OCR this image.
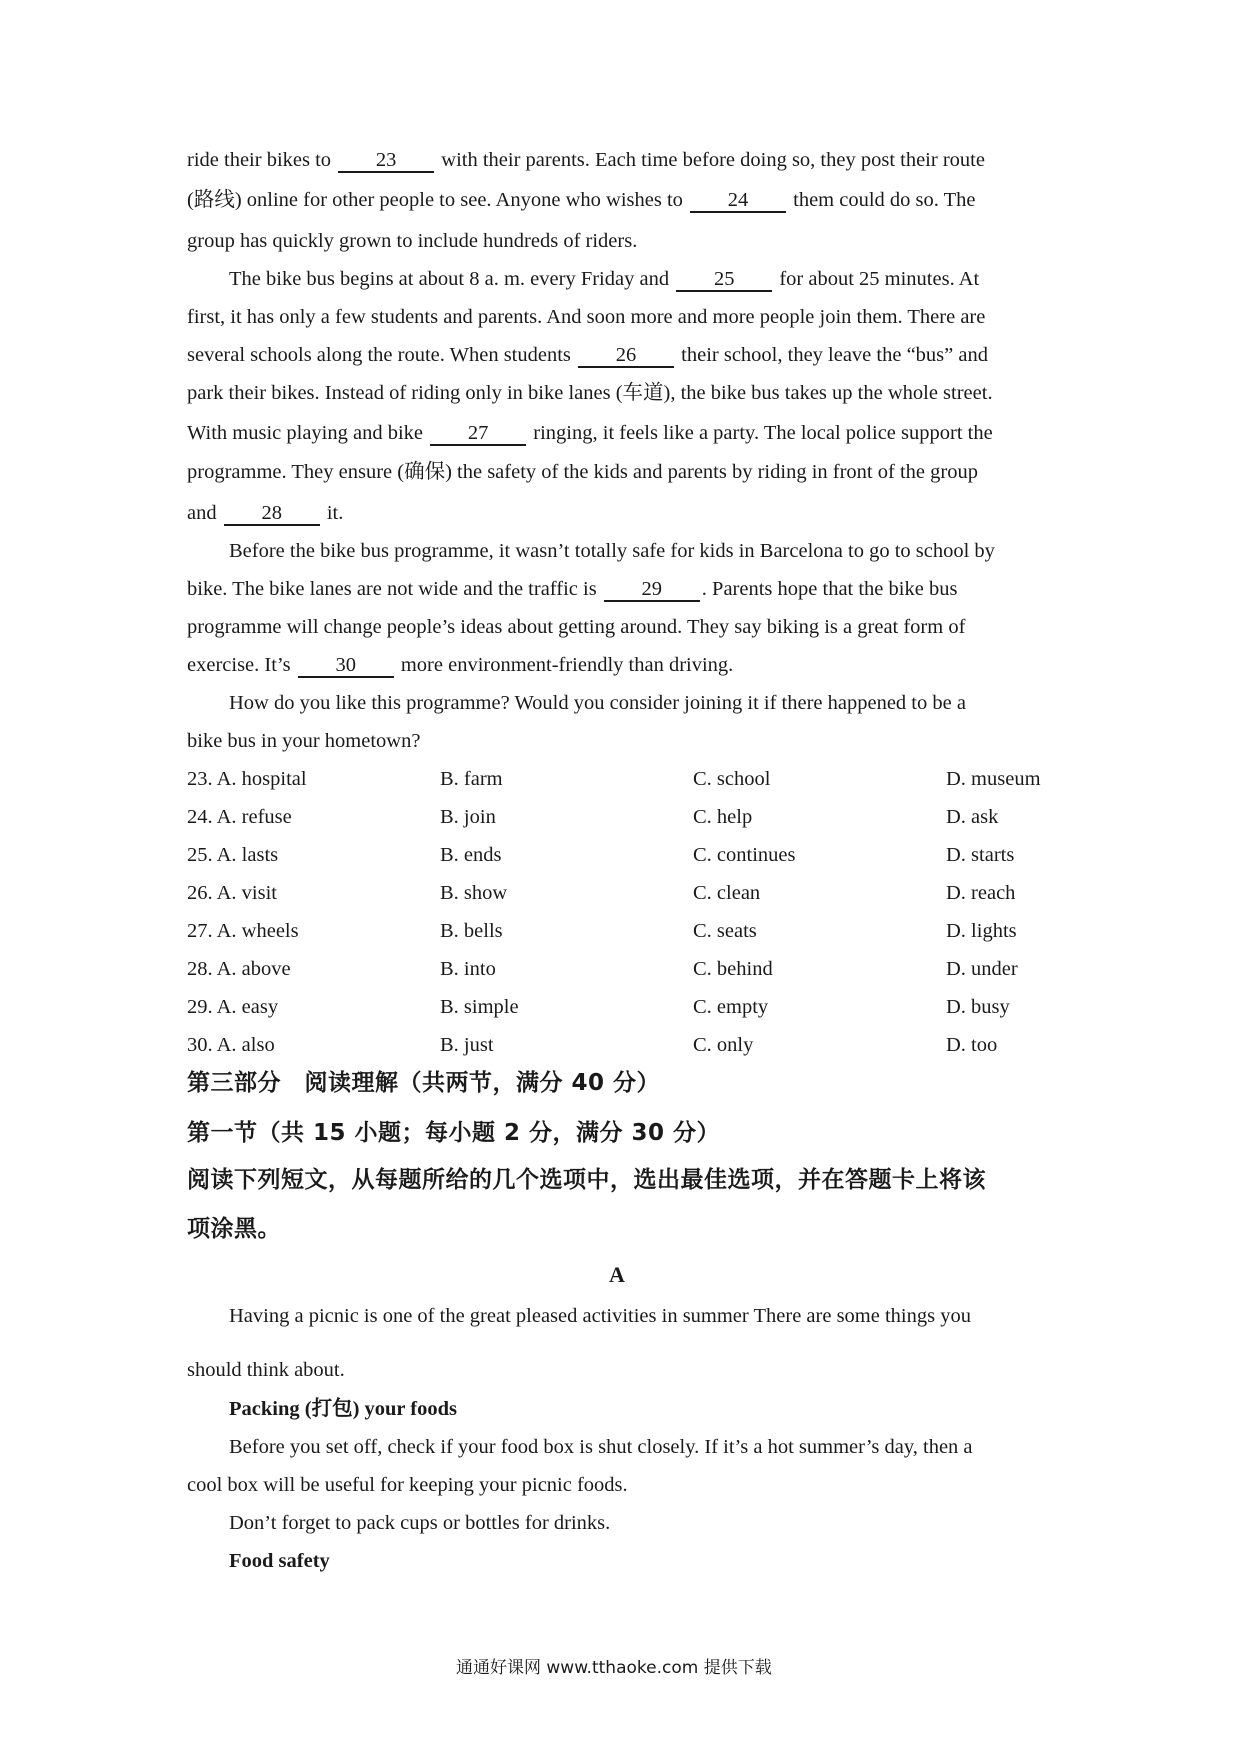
ride their bikes to 23 with their parents. Each time before doing so, they post their route
(路线) online for other people to see. Anyone who wishes to 24 them could do so. The
group has quickly grown to include hundreds of riders.
The bike bus begins at about 8 a. m. every Friday and 25 for about 25 minutes. At
first, it has only a few students and parents. And soon more and more people join them. There are
several schools along the route. When students 26 their school, they leave the “bus” and
park their bikes. Instead of riding only in bike lanes (车道), the bike bus takes up the whole street.
With music playing and bike 27 ringing, it feels like a party. The local police support the
programme. They ensure (确保) the safety of the kids and parents by riding in front of the group
and 28 it.
Before the bike bus programme, it wasn’t totally safe for kids in Barcelona to go to school by
bike. The bike lanes are not wide and the traffic is 29 . Parents hope that the bike bus
programme will change people’s ideas about getting around. They say biking is a great form of
exercise. It’s 30 more environment-friendly than driving.
How do you like this programme? Would you consider joining it if there happened to be a
bike bus in your hometown?
23. A. hospital	B. farm	C. school	D. museum
24. A. refuse	B. join	C. help	D. ask
25. A. lasts	B. ends	C. continues	D. starts
26. A. visit	B. show	C. clean	D. reach
27. A. wheels	B. bells	C. seats	D. lights
28. A. above	B. into	C. behind	D. under
29. A. easy	B. simple	C. empty	D. busy
30. A. also	B. just	C. only	D. too
第三部分　阅读理解（共两节，满分 40 分）
第一节（共 15 小题；每小题 2 分，满分 30 分）
阅读下列短文，从每题所给的几个选项中，选出最佳选项，并在答题卡上将该
项涂黑。
A
Having a picnic is one of the great pleased activities in summer There are some things you
should think about.
Packing (打包) your foods
Before you set off, check if your food box is shut closely. If it’s a hot summer’s day, then a
cool box will be useful for keeping your picnic foods.
Don’t forget to pack cups or bottles for drinks.
Food safety
通通好课网 www.tthaoke.com 提供下载
